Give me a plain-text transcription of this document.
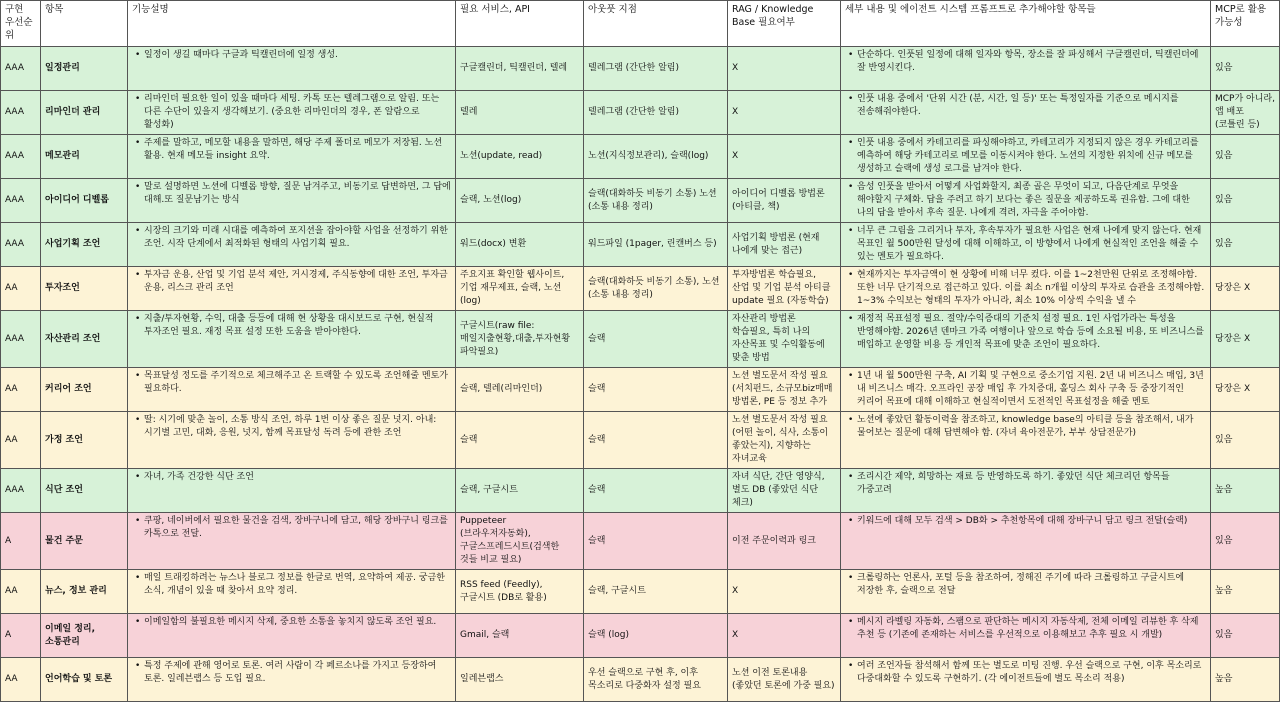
구현 우선순위	항목	기능설명	필요 서비스, API	아웃풋 지점	RAG / Knowledge Base 필요여부	세부 내용 및 에이전트 시스템 프롬프트로 추가해야할 항목들	MCP로 활용 가능성
AAA	일정관리	• 일정이 생길 때마다 구글과 틱캘린더에 일정 생성.	구글캘린더, 틱캘린더, 텔레	텔레그램 (간단한 알림)	X	• 단순하다. 인풋된 일정에 대해 일자와 항목, 장소를 잘 파싱해서 구글캘린더, 틱캘린더에 잘 반영시킨다.	있음
AAA	리마인더 관리	• 리마인더 필요한 일이 있을 때마다 세팅. 카톡 또는 텔레그램으로 알림. 또는 다른 수단이 있을지 생각해보기. (중요한 리마인더의 경우, 폰 알람으로 활성화)	텔레	텔레그램 (간단한 알림)	X	• 인풋 내용 중에서 '단위 시간 (분, 시간, 일 등)' 또는 특정일자를 기준으로 메시지를 전송해줘야한다.	MCP가 아니라, 앱 배포 (코틀린 등)
AAA	메모관리	• 주제를 말하고, 메모할 내용을 말하면, 해당 주제 폴더로 메모가 저장됨. 노션 활용. 현재 메모들 insight 요약.	노션(update, read)	노션(지식정보관리), 슬랙(log)	X	• 인풋 내용 중에서 카테고리를 파싱해야하고, 카테고리가 지정되지 않은 경우 카테고리를 예측하여 해당 카테고리로 메모를 이동시켜야 한다. 노션의 지정한 위치에 신규 메모를 생성하고 슬랙에 생성 로그를 남겨야 한다.	있음
AAA	아이디어 디벨롭	• 말로 설명하면 노션에 디벨롭 방향, 질문 남겨주고, 비동기로 답변하면, 그 답에 대해.또 질문남기는 방식	슬랙, 노션(log)	슬랙(대화하듯 비동기 소통) 노션(소통 내용 정리)	아이디어 디벨롭 방법론 (아티클, 책)	• 음성 인풋을 받아서 어떻게 사업화할지, 최종 골은 무엇이 되고, 다음단계로 무엇을 해야할지 구체화. 답을 주려고 하기 보다는 좋은 질문을 제공하도록 권유함. 그에 대한 나의 답을 받아서 후속 질문. 나에게 격려, 자극을 주어야함.	있음
AAA	사업기획 조언	• 시장의 크기와 미래 시대를 예측하여 포지션을 잡아야할 사업을 선정하기 위한 조언. 시작 단계에서 최적화된 형태의 사업기획 필요.	워드(docx) 변환	워드파일 (1pager, 린캔버스 등)	사업기획 방법론 (현재 나에게 맞는 접근)	• 너무 큰 그림을 그리거나 투자, 후속투자가 필요한 사업은 현재 나에게 맞지 않는다. 현재 목표인 월 500만원 달성에 대해 이해하고, 이 방향에서 나에게 현실적인 조언을 해줄 수 있는 멘토가 필요하다.	있음
AA	투자조언	• 투자금 운용, 산업 및 기업 분석 제안, 거시경제, 주식동향에 대한 조언, 투자금 운용, 리스크 관리 조언	주요지표 확인할 웹사이트, 기업 재무제표, 슬랙, 노션(log)	슬랙(대화하듯 비동기 소통), 노션(소통 내용 정리)	투자방법론 학습필요, 산업 및 기업 분석 아티클 update 필요 (자동학습)	• 현재까지는 투자금액이 현 상황에 비해 너무 컸다. 이를 1~2천만원 단위로 조정해야함. 또한 너무 단기적으로 접근하고 있다. 이를 최소 n개월 이상의 투자로 습관을 조정해야함. 1~3% 수익보는 형태의 투자가 아니라, 최소 10% 이상씩 수익을 낼 수	당장은 X
AAA	자산관리 조언	• 지출/투자현황, 수익, 대출 등등에 대해 현 상황을 대시보드로 구현, 현실적 투자조언 필요. 재정 목표 설정 또한 도움을 받아야한다.	구글시트(raw file: 매일지출현황,대출,투자현황 파악필요)	슬랙	자산관리 방법론 학습필요, 특히 나의 자산목표 및 수익활동에 맞춘 방법	• 재정적 목표설정 필요. 절약/수익증대의 기준치 설정 필요. 1인 사업가라는 특성을 반영해야함. 2026년 덴마크 가족 여행이나 앞으로 학습 등에 소요될 비용, 또 비즈니스를 매입하고 운영할 비용 등 개인적 목표에 맞춘 조언이 필요하다.	당장은 X
AA	커리어 조언	• 목표달성 정도를 주기적으로 체크해주고 온 트랙할 수 있도록 조언해줄 멘토가 필요하다.	슬랙, 텔레(리마인더)	슬랙	노션 별도문서 작성 필요 (서치펀드, 소규모biz매매 방법론, PE 등 정보 추가	• 1년 내 월 500만원 구축, AI 기획 및 구현으로 중소기업 지원. 2년 내 비즈니스 매입, 3년 내 비즈니스 매각. 오프라인 공장 매입 후 가치증대, 홀딩스 회사 구축 등 중장기적인 커리어 목표에 대해 이해하고 현실적이면서 도전적인 목표설정을 해줄 멘토	당장은 X
AA	가정 조언	• 딸: 시기에 맞춘 놀이, 소통 방식 조언, 하루 1번 이상 좋은 질문 넛지. 아내: 시기별 고민, 대화, 응원, 넛지, 함께 목표달성 독려 등에 관한 조언	슬랙	슬랙	노션 별도문서 작성 필요 (어떤 놀이, 식사, 소통이 좋았는지), 지향하는 자녀교육	• 노션에 좋았던 활동이력을 참조하고, knowledge base의 아티클 등을 참조해서, 내가 물어보는 질문에 대해 답변해야 함. (자녀 육아전문가, 부부 상담전문가)	있음
AAA	식단 조언	• 자녀, 가족 건강한 식단 조언	슬랙, 구글시트	슬랙	자녀 식단, 간단 영양식, 별도 DB (좋았던 식단 체크)	• 조리시간 제약, 희망하는 재료 등 반영하도록 하기. 좋았던 식단 체크리던 항목들 가중고려	높음
A	물건 주문	• 쿠팡, 네이버에서 필요한 물건을 검색, 장바구니에 담고, 해당 장바구니 링크를 카톡으로 전달.	Puppeteer (브라우저자동화), 구글스프레드시트(검색한 것들 비교 필요)	슬랙	이전 주문이력과 링크	• 키워드에 대해 모두 검색 > DB화 > 추천항목에 대해 장바구니 담고 링크 전달(슬랙)	있음
AA	뉴스, 정보 관리	• 매일 트래킹하려는 뉴스나 블로그 정보를 한글로 번역, 요약하여 제공. 궁금한 소식, 개념이 있을 때 찾아서 요약 정리.	RSS feed (Feedly), 구글시트 (DB로 활용)	슬랙, 구글시트	X	• 크롤링하는 언론사, 포털 등을 참조하여, 정해진 주기에 따라 크롤링하고 구글시트에 저장한 후, 슬랙으로 전달	높음
A	이메일 정리, 소통관리	• 이메일함의 불필요한 메시지 삭제, 중요한 소통을 놓치지 않도록 조언 필요.	Gmail, 슬랙	슬랙 (log)	X	• 메시지 라벨링 자동화, 스팸으로 판단하는 메시지 자동삭제, 전체 이메일 리뷰한 후 삭제 추천 등 (기존에 존재하는 서비스를 우선적으로 이용해보고 추후 필요 시 개발)	있음
AA	언어학습 및 토론	• 특정 주제에 관해 영어로 토론. 여러 사람이 각 페르소나를 가지고 등장하여 토론. 일레븐랩스 등 도입 필요.	일레븐랩스	우선 슬랙으로 구현 후, 이후 목소리로 다중화자 설정 필요	노션 이전 토론내용 (좋았던 토론에 가중 필요)	• 여러 조언자들 참석해서 함께 또는 별도로 미팅 진행. 우선 슬랙으로 구현, 이후 목소리로 다중대화할 수 있도록 구현하기. (각 에이전트들에 별도 목소리 적용)	높음
